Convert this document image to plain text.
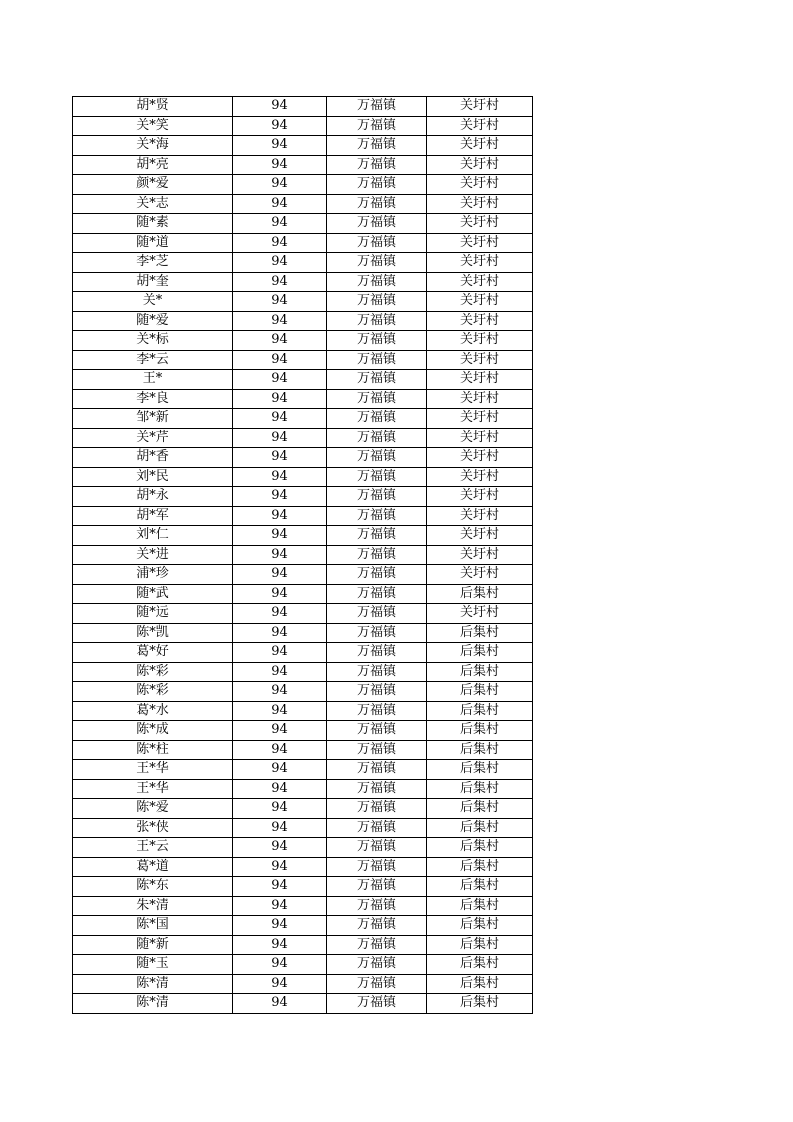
胡*贤	94	万福镇	关圩村
关*笑	94	万福镇	关圩村
关*海	94	万福镇	关圩村
胡*亮	94	万福镇	关圩村
颜*爱	94	万福镇	关圩村
关*志	94	万福镇	关圩村
随*素	94	万福镇	关圩村
随*道	94	万福镇	关圩村
李*芝	94	万福镇	关圩村
胡*奎	94	万福镇	关圩村
关*	94	万福镇	关圩村
随*爱	94	万福镇	关圩村
关*标	94	万福镇	关圩村
李*云	94	万福镇	关圩村
王*	94	万福镇	关圩村
李*良	94	万福镇	关圩村
邹*新	94	万福镇	关圩村
关*芹	94	万福镇	关圩村
胡*香	94	万福镇	关圩村
刘*民	94	万福镇	关圩村
胡*永	94	万福镇	关圩村
胡*军	94	万福镇	关圩村
刘*仁	94	万福镇	关圩村
关*进	94	万福镇	关圩村
浦*珍	94	万福镇	关圩村
随*武	94	万福镇	后集村
随*远	94	万福镇	关圩村
陈*凯	94	万福镇	后集村
葛*好	94	万福镇	后集村
陈*彩	94	万福镇	后集村
陈*彩	94	万福镇	后集村
葛*水	94	万福镇	后集村
陈*成	94	万福镇	后集村
陈*柱	94	万福镇	后集村
王*华	94	万福镇	后集村
王*华	94	万福镇	后集村
陈*爱	94	万福镇	后集村
张*侠	94	万福镇	后集村
王*云	94	万福镇	后集村
葛*道	94	万福镇	后集村
陈*东	94	万福镇	后集村
朱*清	94	万福镇	后集村
陈*国	94	万福镇	后集村
随*新	94	万福镇	后集村
随*玉	94	万福镇	后集村
陈*清	94	万福镇	后集村
陈*清	94	万福镇	后集村
